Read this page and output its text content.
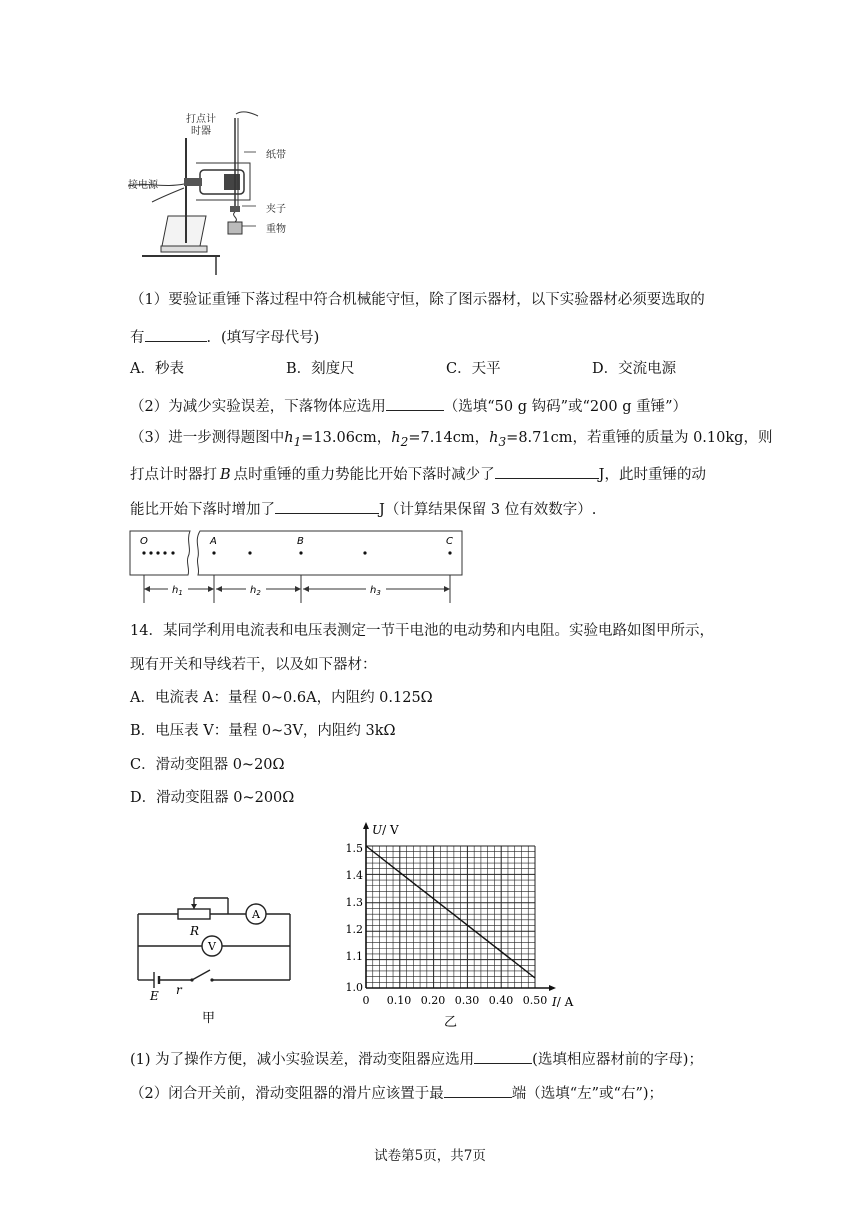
打点计
时器
纸带
接电源
夹子
重物
（1）要验证重锤下落过程中符合机械能守恒，除了图示器材，以下实验器材必须要选取的
有	．(填写字母代号)
A．秒表	B．刻度尺	C．天平	D．交流电源
（2）为减少实验误差，下落物体应选用	（选填“50 g 钩码”或“200 g 重锤”）
（3）进一步测得题图中$h_1=13.06cm$，$h_2=7.14cm$，$h_3=8.71cm$，若重锤的质量为 0.10kg，则
打点计时器打 B 点时重锤的重力势能比开始下落时减少了	J，此时重锤的动
能比开始下落时增加了	J（计算结果保留 3 位有效数字）.
O	A	B	C
$h_1$	$h_2$	$h_3$
14．某同学利用电流表和电压表测定一节干电池的电动势和内电阻。实验电路如图甲所示，
现有开关和导线若干，以及如下器材：
A．电流表 A：量程 0~0.6A，内阻约 0.125Ω
B．电压表 V：量程 0~3V，内阻约 3kΩ
C．滑动变阻器 0~20Ω
D．滑动变阻器 0~200Ω
A
V
R
E r
甲
U/ V
I/ A
1.5
1.4
1.3
1.2
1.1
1.0
0 0.10 0.20 0.30 0.40 0.50
乙
(1) 为了操作方便，减小实验误差，滑动变阻器应选用	(选填相应器材前的字母)；
（2）闭合开关前，滑动变阻器的滑片应该置于最	端（选填“左”或“右”)；
试卷第5页，共7页
